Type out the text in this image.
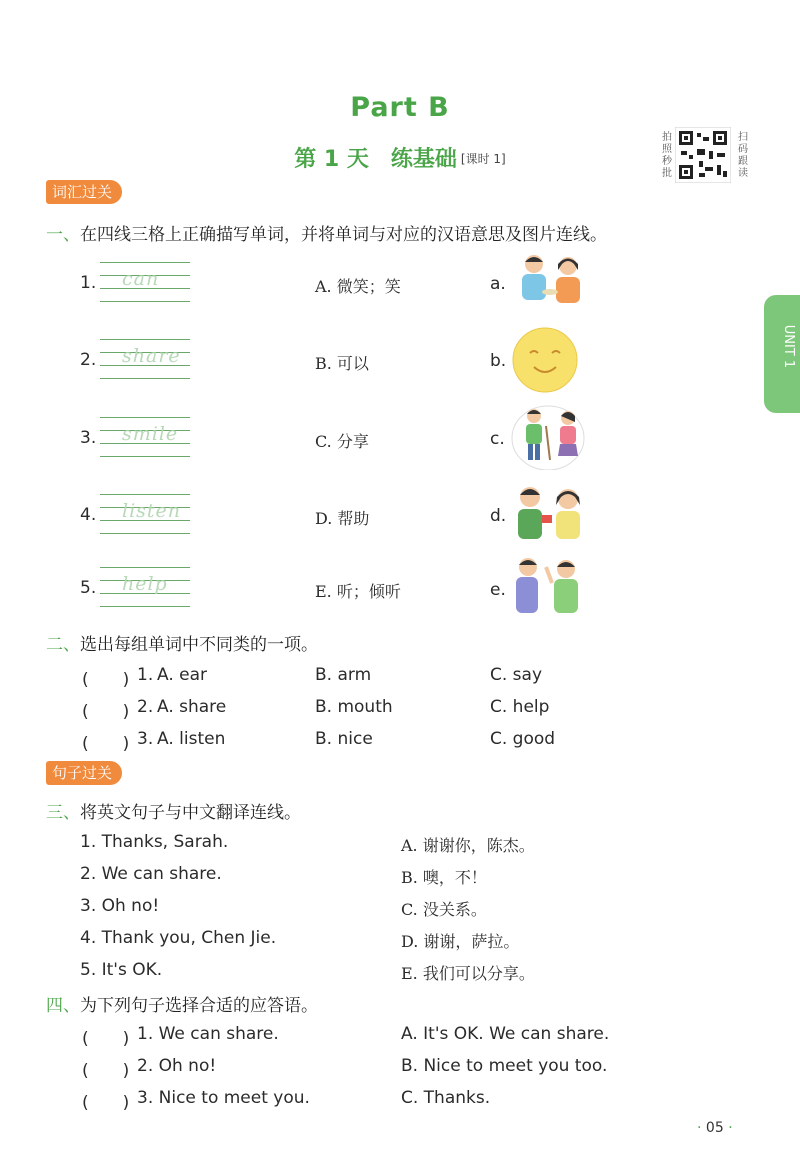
Part B
第 1 天　练基础 [课时 1]
拍照秒批
扫码跟读
UNIT 1
词汇过关
一、在四线三格上正确描写单词，并将单词与对应的汉语意思及图片连线。
1. can	A. 微笑；笑	a.
2. share	B. 可以	b.
3. smile	C. 分享	c.
4. listen	D. 帮助	d.
5. help	E. 听；倾听	e.
二、选出每组单词中不同类的一项。
(　　) 1. A. ear	B. arm	C. say
(　　) 2. A. share	B. mouth	C. help
(　　) 3. A. listen	B. nice	C. good
句子过关
三、将英文句子与中文翻译连线。
1. Thanks, Sarah.	A. 谢谢你，陈杰。
2. We can share.	B. 噢，不！
3. Oh no!	C. 没关系。
4. Thank you, Chen Jie.	D. 谢谢，萨拉。
5. It's OK.	E. 我们可以分享。
四、为下列句子选择合适的应答语。
(　　) 1. We can share.	A. It's OK. We can share.
(　　) 2. Oh no!	B. Nice to meet you too.
(　　) 3. Nice to meet you.	C. Thanks.
· 05 ·
